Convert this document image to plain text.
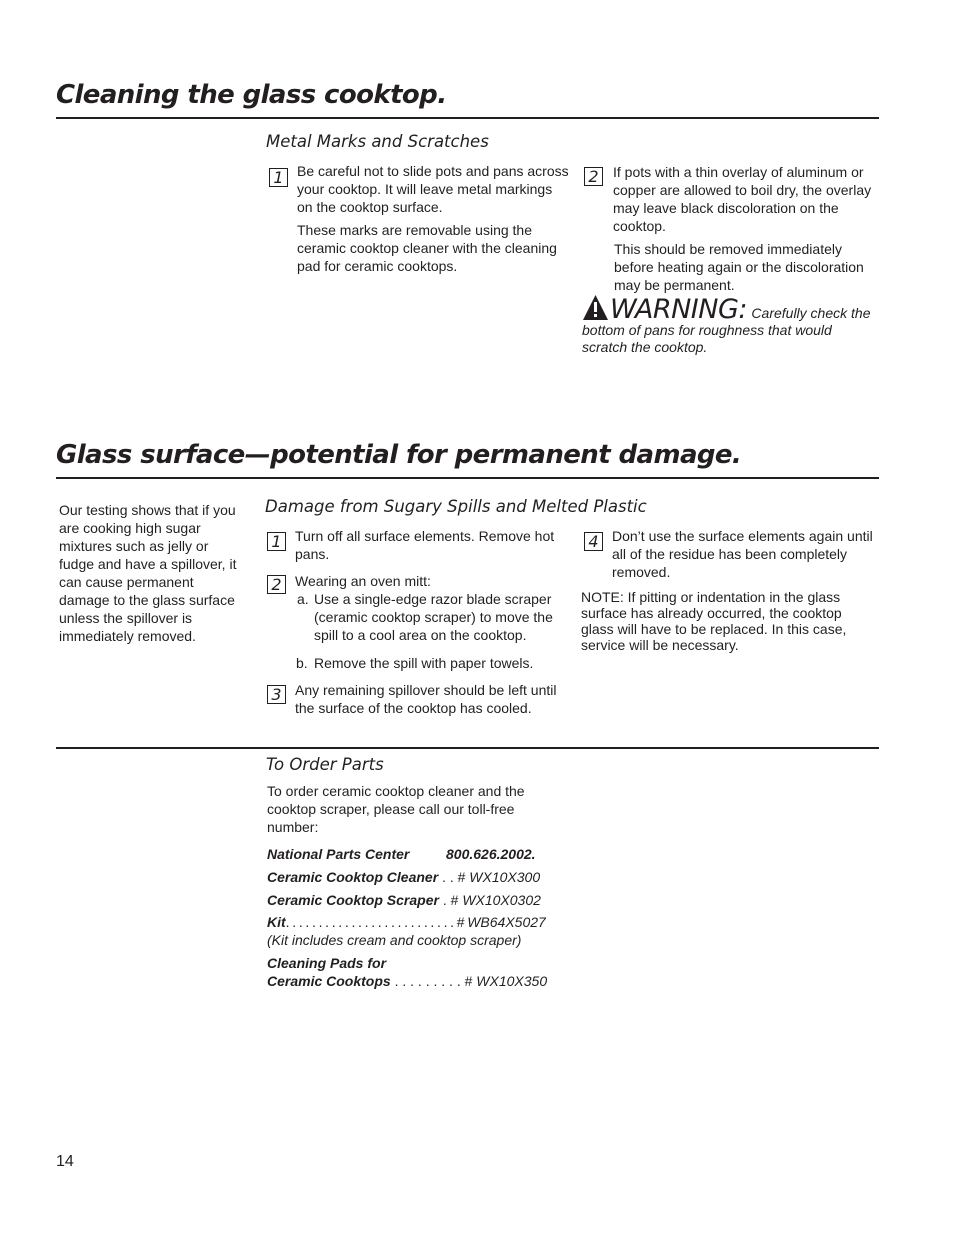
Cleaning the glass cooktop.
Metal Marks and Scratches
1 Be careful not to slide pots and pans across your cooktop. It will leave metal markings on the cooktop surface.
These marks are removable using the ceramic cooktop cleaner with the cleaning pad for ceramic cooktops.
2	If pots with a thin overlay of aluminum or copper are allowed to boil dry, the overlay may leave black discoloration on the cooktop.
This should be removed immediately before heating again or the discoloration may be permanent.
WARNING: Carefully check the bottom of pans for roughness that would scratch the cooktop.
Glass surface—potential for permanent damage.
Our testing shows that if you are cooking high sugar mixtures such as jelly or fudge and have a spillover, it can cause permanent damage to the glass surface unless the spillover is immediately removed.
Damage from Sugary Spills and Melted Plastic
1 Turn off all surface elements. Remove hot pans.
2 Wearing an oven mitt:
a. Use a single-edge razor blade scraper (ceramic cooktop scraper) to move the spill to a cool area on the cooktop.
b. Remove the spill with paper towels.
3 Any remaining spillover should be left until the surface of the cooktop has cooled.
4 Don’t use the surface elements again until all of the residue has been completely removed.
NOTE: If pitting or indentation in the glass surface has already occurred, the cooktop glass will have to be replaced. In this case, service will be necessary.
To Order Parts
To order ceramic cooktop cleaner and the cooktop scraper, please call our toll-free number:
National Parts Center	800.626.2002.
Ceramic Cooktop Cleaner . . # WX10X300
Ceramic Cooktop Scraper . # WX10X0302
Kit. . . . . . . . . . . . . . . . . . . . . . . . . . # WB64X5027
(Kit includes cream and cooktop scraper)
Cleaning Pads for
Ceramic Cooktops . . . . . . . . . # WX10X350
14
